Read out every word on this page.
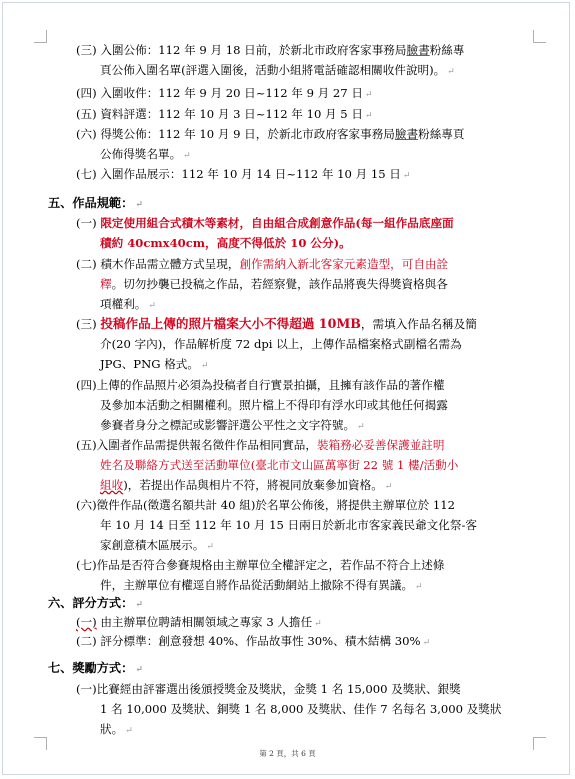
(三) 入圍公佈：112 年 9 月 18 日前，於新北市政府客家事務局臉書粉絲專
頁公佈入圍名單(評選入圍後，活動小組將電話確認相關收件說明)。 ↵
(四) 入圍收件：112 年 9 月 20 日~112 年 9 月 27 日 ↵
(五) 資料評選：112 年 10 月 3 日~112 年 10 月 5 日 ↵
(六) 得獎公佈：112 年 10 月 9 日，於新北市政府客家事務局臉書粉絲專頁
公佈得獎名單。 ↵
(七) 入圍作品展示：112 年 10 月 14 日~112 年 10 月 15 日 ↵
五、作品規範： ↵
(一) 限定使用組合式積木等素材，自由組合成創意作品(每一組作品底座面
積約 40cmx40cm，高度不得低於 10 公分)。
(二) 積木作品需立體方式呈現，創作需納入新北客家元素造型，可自由詮
釋。切勿抄襲已投稿之作品，若經察覺，該作品將喪失得獎資格與各
項權利。 ↵
(三) 投稿作品上傳的照片檔案大小不得超過 10MB，需填入作品名稱及簡
介(20 字內)，作品解析度 72 dpi 以上，上傳作品檔案格式副檔名需為
JPG、PNG 格式。 ↵
(四)上傳的作品照片必須為投稿者自行實景拍攝，且擁有該作品的著作權
及參加本活動之相關權利。照片檔上不得印有浮水印或其他任何揭露
參賽者身分之標記或影響評選公平性之文字符號。 ↵
(五)入圍者作品需提供報名徵件作品相同實品，裝箱務必妥善保護並註明
姓名及聯絡方式送至活動單位(臺北市文山區萬寧街 22 號 1 樓/活動小
組收)，若提出作品與相片不符，將視同放棄參加資格。 ↵
(六)徵件作品(徵選名額共計 40 組)於名單公佈後，將提供主辦單位於 112
年 10 月 14 日至 112 年 10 月 15 日兩日於新北市客家義民爺文化祭-客
家創意積木區展示。 ↵
(七)作品是否符合參賽規格由主辦單位全權評定之，若作品不符合上述條
件，主辦單位有權逕自將作品從活動網站上撤除不得有異議。 ↵
六、評分方式： ↵
(一) 由主辦單位聘請相關領域之專家 3 人擔任 ↵
(二) 評分標準：創意發想 40%、作品故事性 30%、積木結構 30% ↵
七、獎勵方式： ↵
(一)比賽經由評審選出後頒授獎金及獎狀，金獎 1 名 15,000 及獎狀、銀獎
1 名 10,000 及獎狀、銅獎 1 名 8,000 及獎狀、佳作 7 名每名 3,000 及獎狀
狀。 ↵
第 2 頁，共 6 頁
